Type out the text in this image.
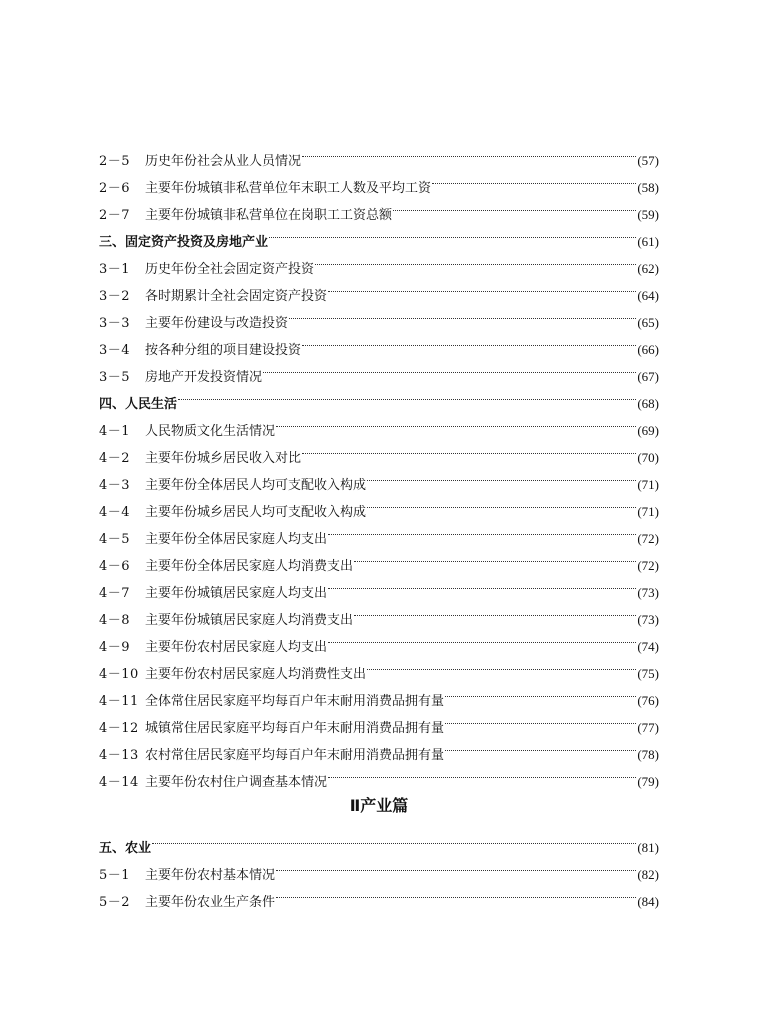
2－5	历史年份社会从业人员情况	(57)
2－6	主要年份城镇非私营单位年末职工人数及平均工资	(58)
2－7	主要年份城镇非私营单位在岗职工工资总额	(59)
三、固定资产投资及房地产业	(61)
3－1	历史年份全社会固定资产投资	(62)
3－2	各时期累计全社会固定资产投资	(64)
3－3	主要年份建设与改造投资	(65)
3－4	按各种分组的项目建设投资	(66)
3－5	房地产开发投资情况	(67)
四、人民生活	(68)
4－1	人民物质文化生活情况	(69)
4－2	主要年份城乡居民收入对比	(70)
4－3	主要年份全体居民人均可支配收入构成	(71)
4－4	主要年份城乡居民人均可支配收入构成	(71)
4－5	主要年份全体居民家庭人均支出	(72)
4－6	主要年份全体居民家庭人均消费支出	(72)
4－7	主要年份城镇居民家庭人均支出	(73)
4－8	主要年份城镇居民家庭人均消费支出	(73)
4－9	主要年份农村居民家庭人均支出	(74)
4－10 主要年份农村居民家庭人均消费性支出	(75)
4－11 全体常住居民家庭平均每百户年末耐用消费品拥有量	(76)
4－12 城镇常住居民家庭平均每百户年末耐用消费品拥有量	(77)
4－13 农村常住居民家庭平均每百户年末耐用消费品拥有量	(78)
4－14 主要年份农村住户调查基本情况	(79)
Ⅱ产业篇
五、农业	(81)
5－1	主要年份农村基本情况	(82)
5－2	主要年份农业生产条件	(84)
